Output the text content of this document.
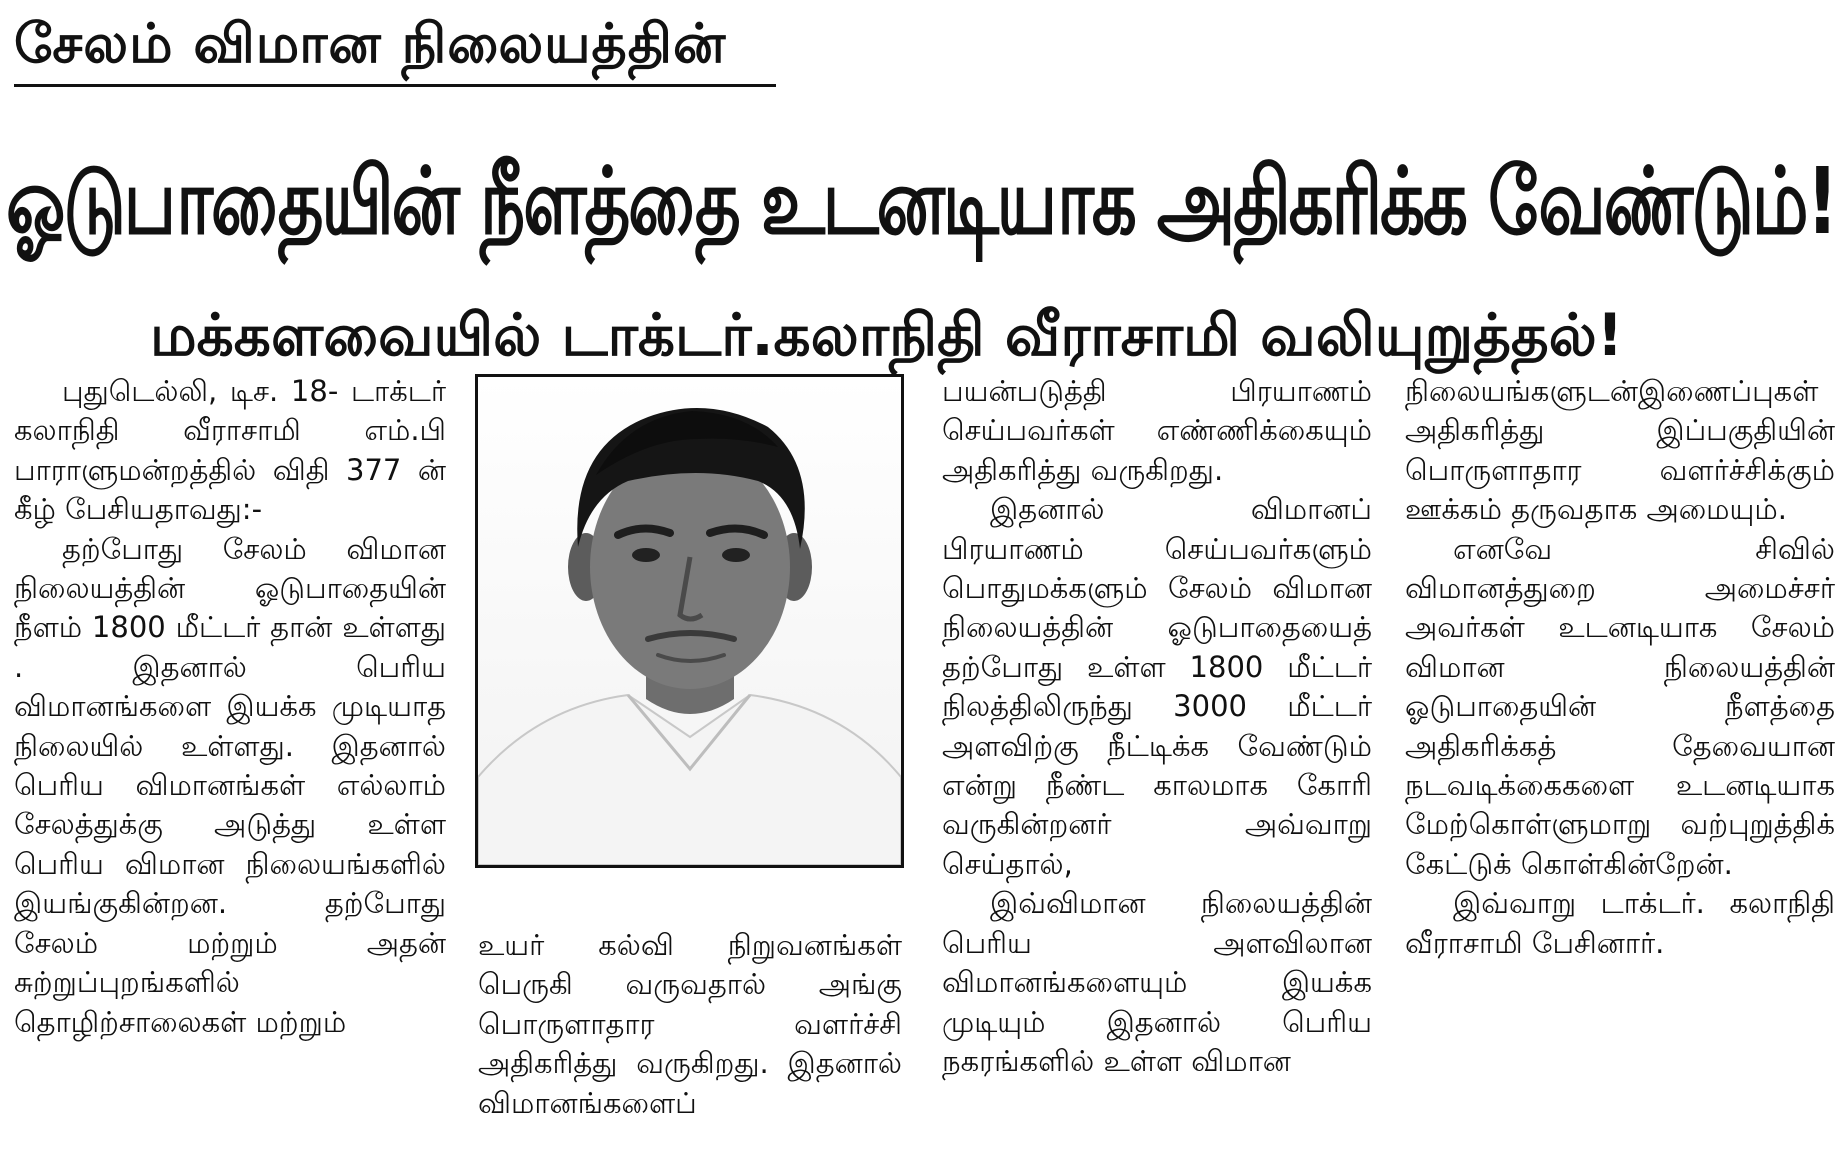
சேலம் விமான நிலையத்தின்
ஓடுபாதையின் நீளத்தை உடனடியாக அதிகரிக்க வேண்டும்!
மக்களவையில் டாக்டர்.கலாநிதி வீராசாமி வலியுறுத்தல்!

புதுடெல்லி, டிச. 18- டாக்டர் கலாநிதி வீராசாமி எம்.பி பாராளுமன்றத்தில் விதி 377 ன் கீழ் பேசியதாவது:-

தற்போது சேலம் விமான நிலையத்தின் ஓடுபாதையின் நீளம் 1800 மீட்டர் தான் உள்ளது . இதனால் பெரிய விமானங்களை இயக்க முடியாத நிலையில் உள்ளது. இதனால் பெரிய விமானங்கள் எல்லாம் சேலத்துக்கு அடுத்து உள்ள பெரிய விமான நிலையங்களில் இயங்குகின்றன. தற்போது சேலம் மற்றும் அதன் சுற்றுப்புறங்களில் தொழிற்சாலைகள் மற்றும்

உயர் கல்வி நிறுவனங்கள் பெருகி வருவதால் அங்கு பொருளாதார வளர்ச்சி அதிகரித்து வருகிறது. இதனால் விமானங்களைப்

பயன்படுத்தி பிரயாணம் செய்பவர்கள் எண்ணிக்கையும் அதிகரித்து வருகிறது.

இதனால் விமானப் பிரயாணம் செய்பவர்களும் பொதுமக்களும் சேலம் விமான நிலையத்தின் ஓடுபாதையைத் தற்போது உள்ள 1800 மீட்டர் நிலத்திலிருந்து 3000 மீட்டர் அளவிற்கு நீட்டிக்க வேண்டும் என்று நீண்ட காலமாக கோரி வருகின்றனர் அவ்வாறு செய்தால்,

இவ்விமான நிலையத்தின் பெரிய அளவிலான விமானங்களையும் இயக்க முடியும் இதனால் பெரிய நகரங்களில் உள்ள விமான

நிலையங்களுடன்இணைப்புகள் அதிகரித்து இப்பகுதியின் பொருளாதார வளர்ச்சிக்கும் ஊக்கம் தருவதாக அமையும்.

எனவே சிவில் விமானத்துறை அமைச்சர் அவர்கள் உடனடியாக சேலம் விமான நிலையத்தின் ஓடுபாதையின் நீளத்தை அதிகரிக்கத் தேவையான நடவடிக்கைகளை உடனடியாக மேற்கொள்ளுமாறு வற்புறுத்திக் கேட்டுக் கொள்கின்றேன்.

இவ்வாறு டாக்டர். கலாநிதி வீராசாமி பேசினார்.
